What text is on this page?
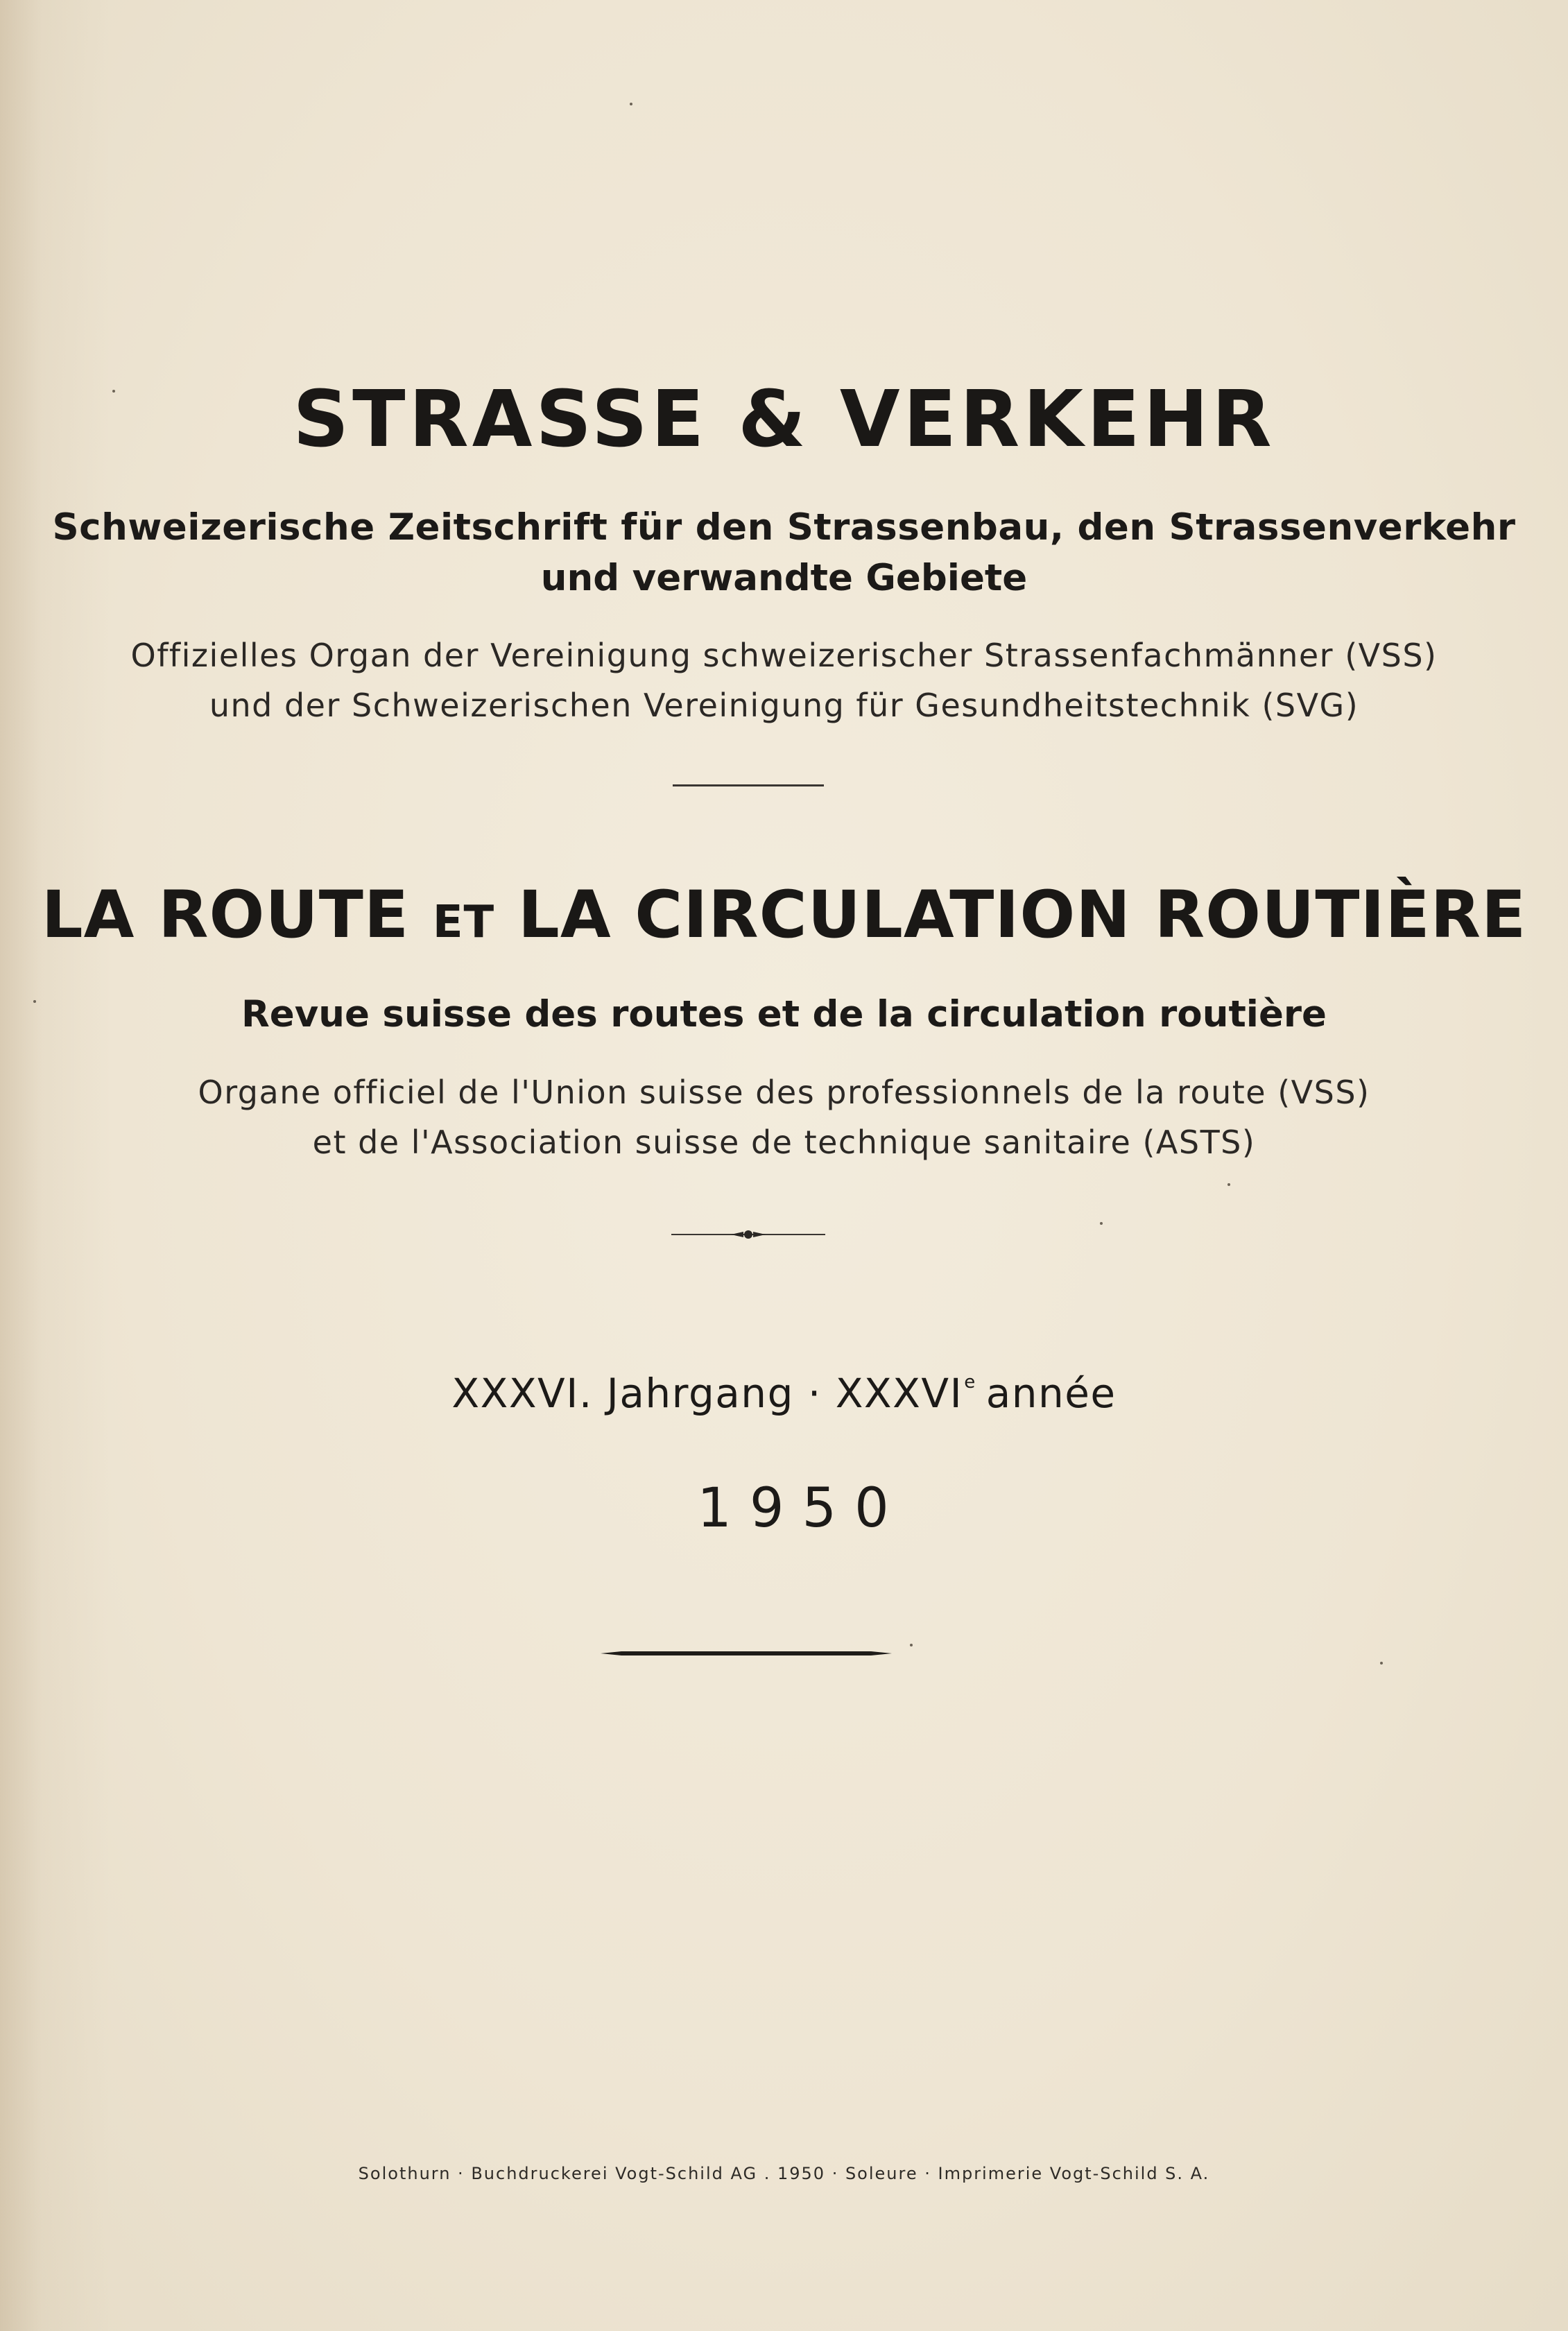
STRASSE & VERKEHR

Schweizerische Zeitschrift für den Strassenbau, den Strassenverkehr

und verwandte Gebiete

Offizielles Organ der Vereinigung schweizerischer Strassenfachmänner (VSS)

und der Schweizerischen Vereinigung für Gesundheitstechnik (SVG)

LA ROUTE ET LA CIRCULATION ROUTIÈRE

Revue suisse des routes et de la circulation routière

Organe officiel de l'Union suisse des professionnels de la route (VSS)

et de l'Association suisse de technique sanitaire (ASTS)

XXXVI. Jahrgang · $XXXVI^e$ année

1950

Solothurn · Buchdruckerei Vogt-Schild AG . 1950 · Soleure · Imprimerie Vogt-Schild S. A.
